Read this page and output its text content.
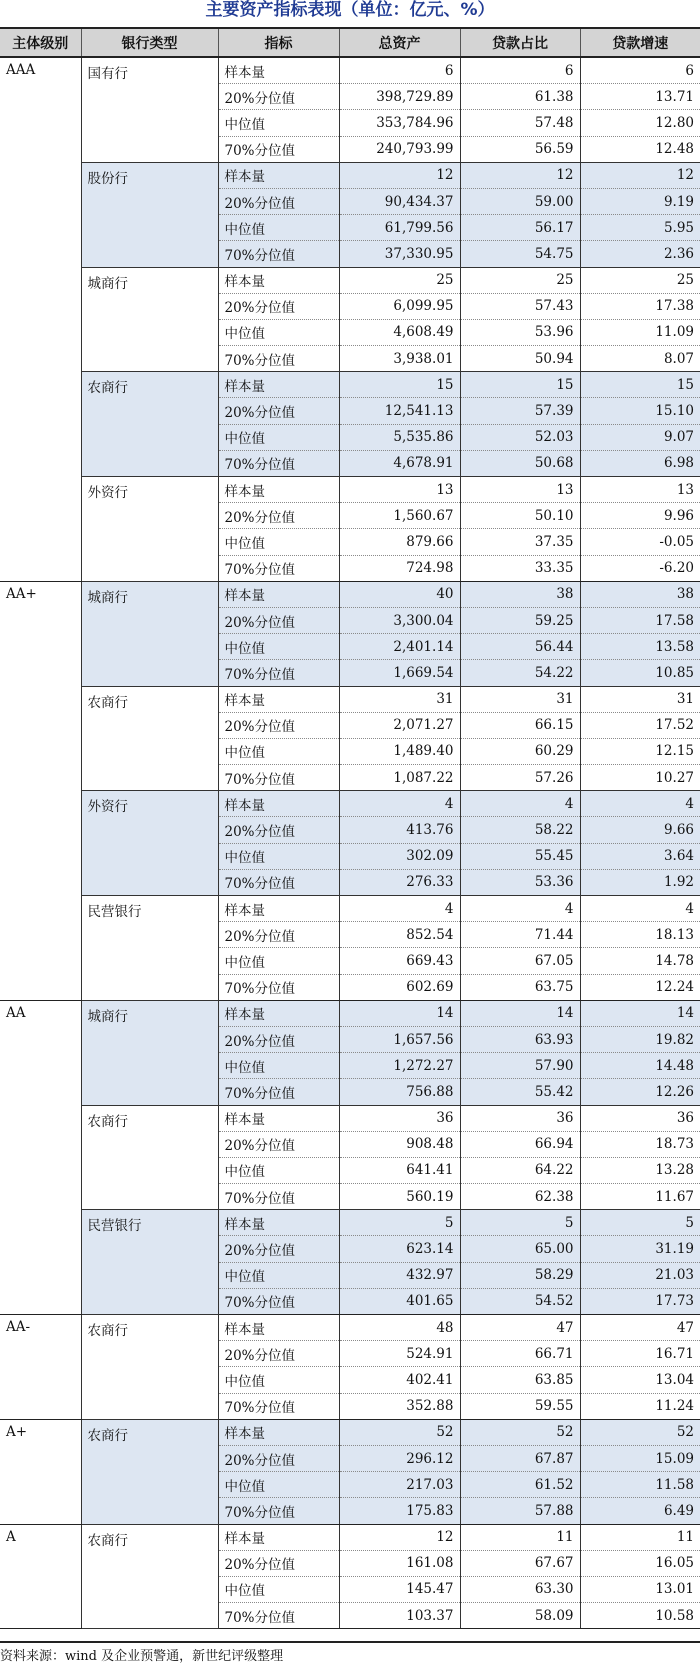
主要资产指标表现（单位：亿元、%）
主体级别	银行类型	指标	总资产	贷款占比	贷款增速
AAA	国有行	样本量	6	6	6
		20%分位值	398,729.89	61.38	13.71
		中位值	353,784.96	57.48	12.80
		70%分位值	240,793.99	56.59	12.48
	股份行	样本量	12	12	12
		20%分位值	90,434.37	59.00	9.19
		中位值	61,799.56	56.17	5.95
		70%分位值	37,330.95	54.75	2.36
	城商行	样本量	25	25	25
		20%分位值	6,099.95	57.43	17.38
		中位值	4,608.49	53.96	11.09
		70%分位值	3,938.01	50.94	8.07
	农商行	样本量	15	15	15
		20%分位值	12,541.13	57.39	15.10
		中位值	5,535.86	52.03	9.07
		70%分位值	4,678.91	50.68	6.98
	外资行	样本量	13	13	13
		20%分位值	1,560.67	50.10	9.96
		中位值	879.66	37.35	-0.05
		70%分位值	724.98	33.35	-6.20
AA+	城商行	样本量	40	38	38
		20%分位值	3,300.04	59.25	17.58
		中位值	2,401.14	56.44	13.58
		70%分位值	1,669.54	54.22	10.85
	农商行	样本量	31	31	31
		20%分位值	2,071.27	66.15	17.52
		中位值	1,489.40	60.29	12.15
		70%分位值	1,087.22	57.26	10.27
	外资行	样本量	4	4	4
		20%分位值	413.76	58.22	9.66
		中位值	302.09	55.45	3.64
		70%分位值	276.33	53.36	1.92
	民营银行	样本量	4	4	4
		20%分位值	852.54	71.44	18.13
		中位值	669.43	67.05	14.78
		70%分位值	602.69	63.75	12.24
AA	城商行	样本量	14	14	14
		20%分位值	1,657.56	63.93	19.82
		中位值	1,272.27	57.90	14.48
		70%分位值	756.88	55.42	12.26
	农商行	样本量	36	36	36
		20%分位值	908.48	66.94	18.73
		中位值	641.41	64.22	13.28
		70%分位值	560.19	62.38	11.67
	民营银行	样本量	5	5	5
		20%分位值	623.14	65.00	31.19
		中位值	432.97	58.29	21.03
		70%分位值	401.65	54.52	17.73
AA-	农商行	样本量	48	47	47
		20%分位值	524.91	66.71	16.71
		中位值	402.41	63.85	13.04
		70%分位值	352.88	59.55	11.24
A+	农商行	样本量	52	52	52
		20%分位值	296.12	67.87	15.09
		中位值	217.03	61.52	11.58
		70%分位值	175.83	57.88	6.49
A	农商行	样本量	12	11	11
		20%分位值	161.08	67.67	16.05
		中位值	145.47	63.30	13.01
		70%分位值	103.37	58.09	10.58
资料来源：wind 及企业预警通，新世纪评级整理
